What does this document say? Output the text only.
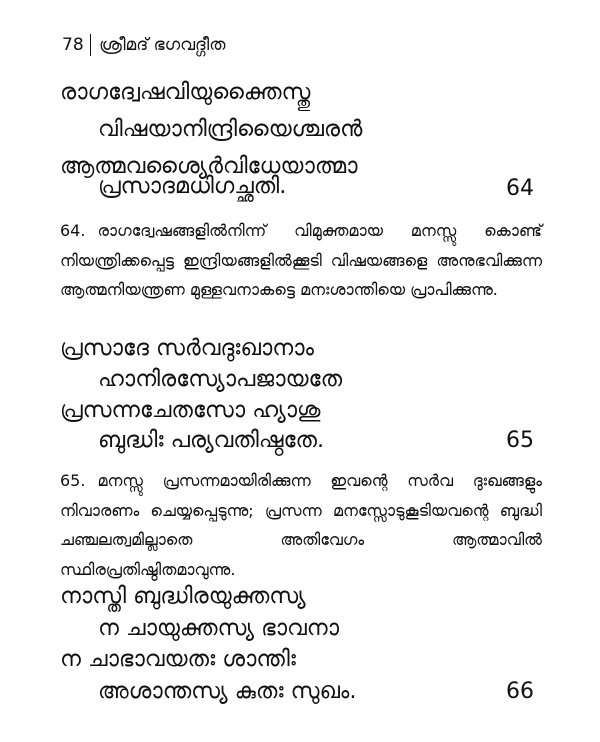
78 ശ്രീമദ് ഭഗവദ്ഗീത
രാഗദ്വേഷവിയുക്തൈസ്തു
വിഷയാനിന്ദ്രിയൈശ്ചരൻ
ആത്മവശ്യൈർവിധേയാത്മാ
പ്രസാദമധിഗച്ഛതി.	64
64. രാഗദ്വേഷങ്ങളിൽനിന്ന് വിമുക്തമായ മനസ്സു കൊണ്ട് നിയന്ത്രിക്കപ്പെട്ട ഇന്ദ്രിയങ്ങളിൽക്കൂടി വിഷയങ്ങളെ അനുഭവിക്കുന്ന ആത്മനിയന്ത്രണ മുള്ളവനാകട്ടെ മനഃശാന്തിയെ പ്രാപിക്കുന്നു.
പ്രസാദേ സർവദുഃഖാനാം
ഹാനിരസ്യോപജായതേ
പ്രസന്നചേതസോ ഹ്യാശു
ബുദ്ധിഃ പര്യവതിഷ്ഠതേ.	65
65. മനസ്സു പ്രസന്നമായിരിക്കുന്ന ഇവന്റെ സർവ ദുഃഖങ്ങളും നിവാരണം ചെയ്യപ്പെടുന്നു; പ്രസന്ന മനസ്സോടുകൂടിയവന്റെ ബുദ്ധി ചഞ്ചലത്വമില്ലാതെ അതിവേഗം ആത്മാവിൽ സ്ഥിരപ്രതിഷ്ഠിതമാവുന്നു.
നാസ്തി ബുദ്ധിരയുക്തസ്യ
ന ചായുക്തസ്യ ഭാവനാ
ന ചാഭാവയതഃ ശാന്തിഃ
അശാന്തസ്യ കുതഃ സുഖം.	66
